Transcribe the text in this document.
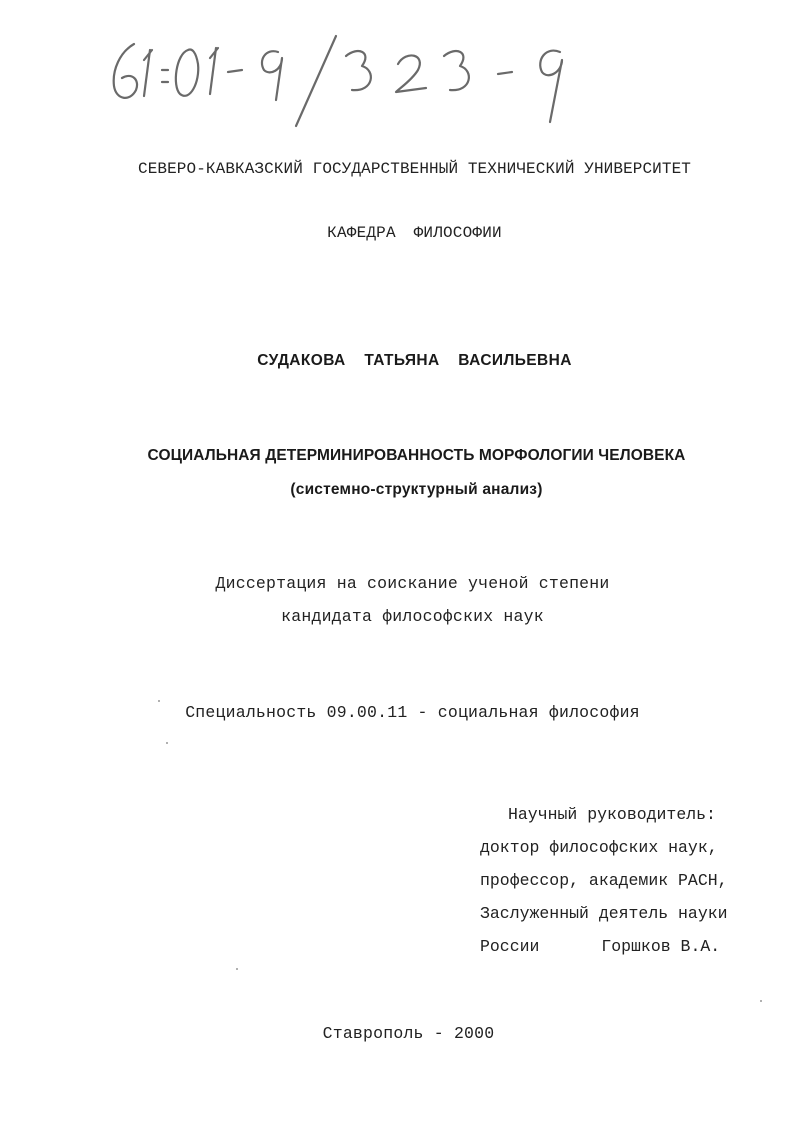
СЕВЕРО-КАВКАЗСКИЙ ГОСУДАРСТВЕННЫЙ ТЕХНИЧЕСКИЙ УНИВЕРСИТЕТ
КАФЕДРА ФИЛОСОФИИ
СУДАКОВА ТАТЬЯНА ВАСИЛЬЕВНА
СОЦИАЛЬНАЯ ДЕТЕРМИНИРОВАННОСТЬ МОРФОЛОГИИ ЧЕЛОВЕКА
(системно-структурный анализ)
Диссертация на соискание ученой степени
кандидата философских наук
Специальность 09.00.11 - социальная философия
Научный руководитель:
доктор философских наук,
профессор, академик РАСН,
Заслуженный деятель науки
России	Горшков В.А.
Ставрополь - 2000
